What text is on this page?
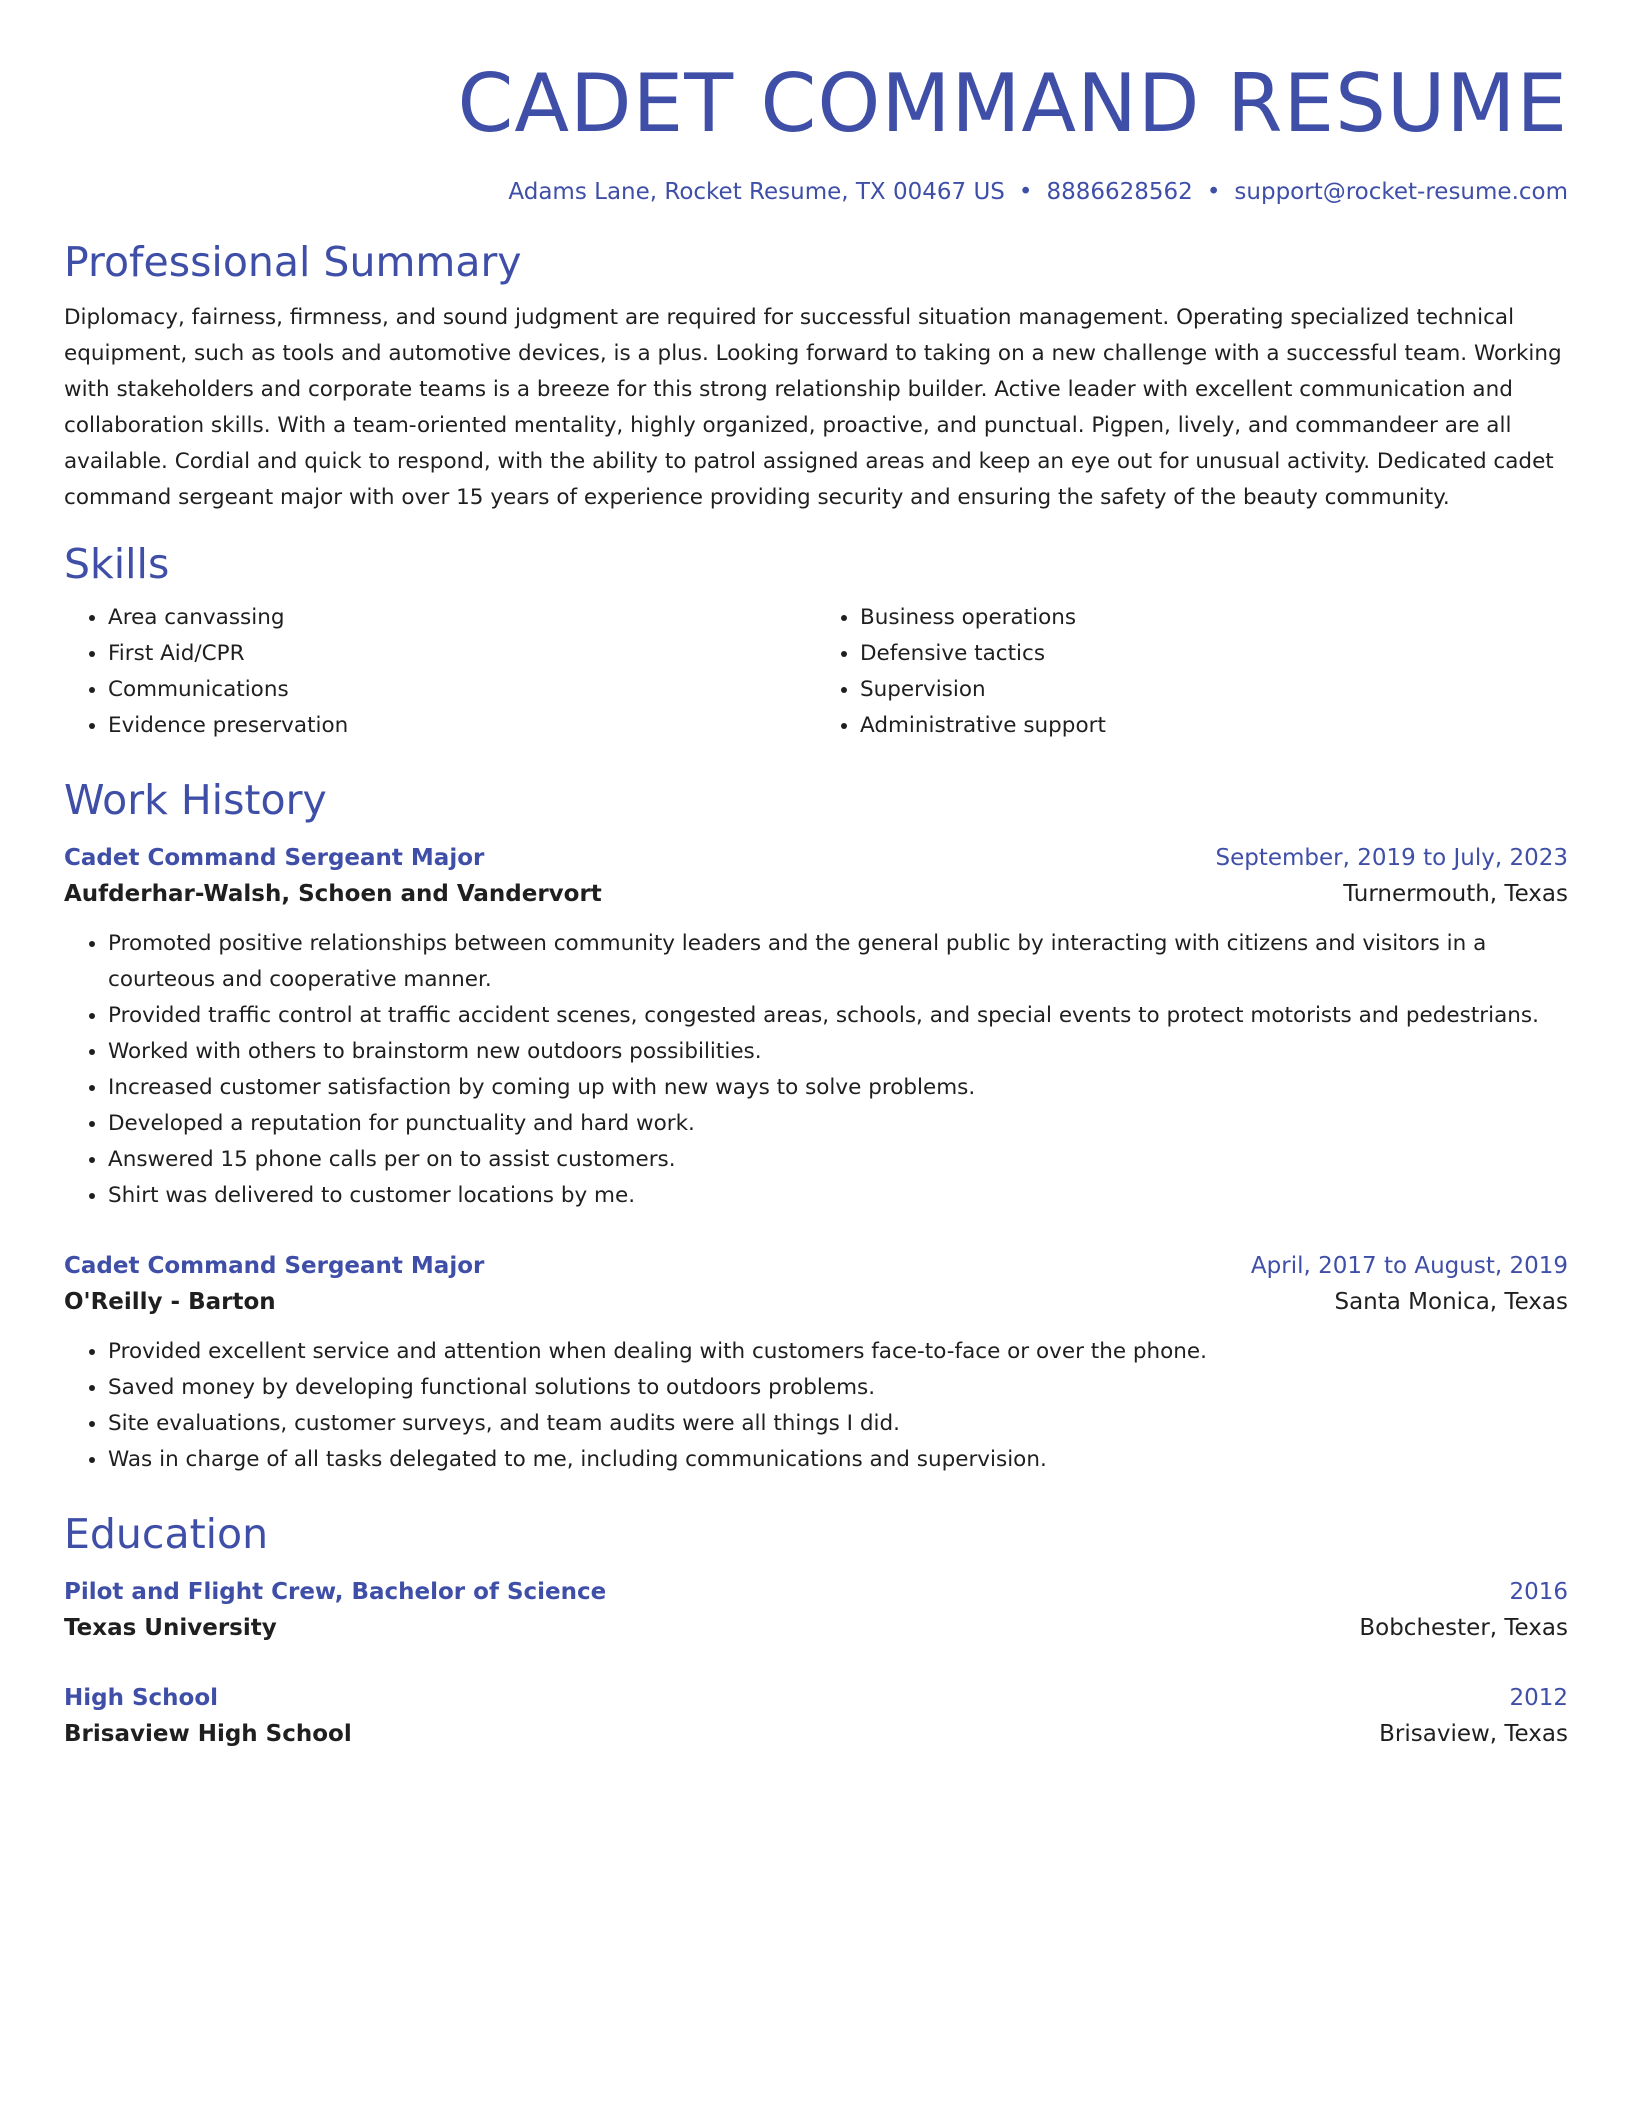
CADET COMMAND RESUME
Adams Lane, Rocket Resume, TX 00467 US • 8886628562 • support@rocket-resume.com
Professional Summary
Diplomacy, fairness, firmness, and sound judgment are required for successful situation management. Operating specialized technical equipment, such as tools and automotive devices, is a plus. Looking forward to taking on a new challenge with a successful team. Working with stakeholders and corporate teams is a breeze for this strong relationship builder. Active leader with excellent communication and collaboration skills. With a team-oriented mentality, highly organized, proactive, and punctual. Pigpen, lively, and commandeer are all available. Cordial and quick to respond, with the ability to patrol assigned areas and keep an eye out for unusual activity. Dedicated cadet command sergeant major with over 15 years of experience providing security and ensuring the safety of the beauty community.
Skills
• Area canvassing
• First Aid/CPR
• Communications
• Evidence preservation
• Business operations
• Defensive tactics
• Supervision
• Administrative support
Work History
Cadet Command Sergeant Major	September, 2019 to July, 2023
Aufderhar-Walsh, Schoen and Vandervort	Turnermouth, Texas
• Promoted positive relationships between community leaders and the general public by interacting with citizens and visitors in a courteous and cooperative manner.
• Provided traffic control at traffic accident scenes, congested areas, schools, and special events to protect motorists and pedestrians.
• Worked with others to brainstorm new outdoors possibilities.
• Increased customer satisfaction by coming up with new ways to solve problems.
• Developed a reputation for punctuality and hard work.
• Answered 15 phone calls per on to assist customers.
• Shirt was delivered to customer locations by me.
Cadet Command Sergeant Major	April, 2017 to August, 2019
O'Reilly - Barton	Santa Monica, Texas
• Provided excellent service and attention when dealing with customers face-to-face or over the phone.
• Saved money by developing functional solutions to outdoors problems.
• Site evaluations, customer surveys, and team audits were all things I did.
• Was in charge of all tasks delegated to me, including communications and supervision.
Education
Pilot and Flight Crew, Bachelor of Science	2016
Texas University	Bobchester, Texas
High School	2012
Brisaview High School	Brisaview, Texas
